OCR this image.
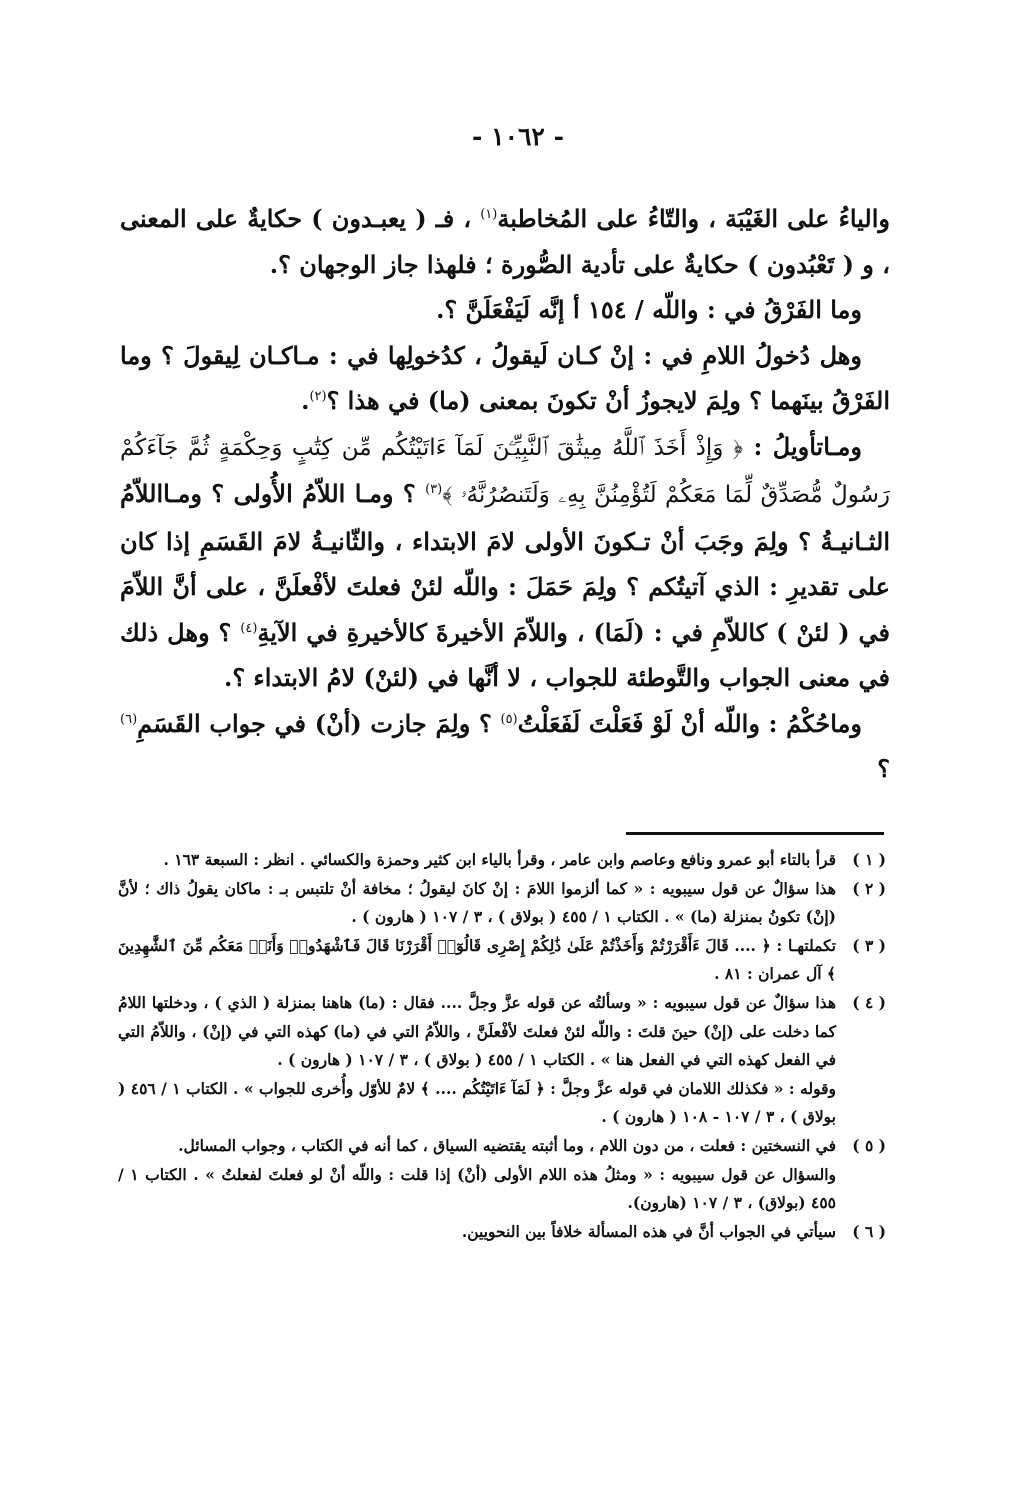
- ١٠٦٢ -

والياءُ على الغَيْبَة ، والتّاءُ على المُخاطبة$^{(١)}$ ، فـ ( يعبـدون ) حكايةٌ على المعنى ، و ( تَعْبُدون ) حكايةٌ على تأدية الصُّورة ؛ فلهذا جاز الوجهان ؟.

وما الفَرْقُ في : واللّه / ١٥٤ أ إنَّه لَيَفْعَلَنَّ ؟.

وهل دُخولُ اللامِ في : إنْ كـان لَيقولُ ، كدُخولِها في : مـاكـان لِيقولَ ؟ وما الفَرْقُ بينَهما ؟ ولِمَ لايجوزُ أنْ تكونَ بمعنى (ما) في هذا ؟$^{(٢)}$.

ومـاتأويلُ : ﴿ وَإِذْ أَخَذَ ٱللَّهُ مِيثَٰقَ ٱلنَّبِيِّـۧنَ لَمَآ ءَاتَيْتُكُم مِّن كِتَٰبٍ وَحِكْمَةٍ ثُمَّ جَآءَكُمْ رَسُولٌ مُّصَدِّقٌ لِّمَا مَعَكُمْ لَتُؤْمِنُنَّ بِهِۦ وَلَتَنصُرُنَّهُۥ ﴾$^{(٣)}$ ؟ ومـا اللاّمُ الأُولى ؟ ومـااللاّمُ الثـانيـةُ ؟ ولِمَ وجَبَ أنْ تـكونَ الأولى لامَ الابتداء ، والثّانيـةُ لامَ القَسَمِ إذا كان على تقديرِ : الذي آتيتُكم ؟ ولِمَ حَمَلَ : واللّه لئنْ فعلتَ لأفْعلَنَّ ، على أنَّ اللاّمَ في ( لئنْ ) كاللاّمِ في : (لَمَا) ، واللاّمَ الأخيرةَ كالأخيرةِ في الآيةِ$^{(٤)}$ ؟ وهل ذلك في معنى الجواب والتَّوطئة للجواب ، لا أنَّها في (لئنْ) لامُ الابتداء ؟.

وماحُكْمُ : واللّه أنْ لَوْ فَعَلْتَ لَفَعَلْتُ$^{(٥)}$ ؟ ولِمَ جازت (أنْ) في جواب القَسَمِ$^{(٦)}$ ؟

( ١ )
قرأ بالتاء أبو عمرو ونافع وعاصم وابن عامر ، وقرأ بالياء ابن كثير وحمزة والكسائي . انظر : السبعة ١٦٣ .
( ٢ )
هذا سؤالٌ عن قول سيبويه : « كما ألزموا اللامَ : إنْ كانَ ليقولُ ؛ مخافة أنْ تلتبس بـ : ماكان يقولُ ذاك ؛ لأنَّ (إنْ) تكونُ بمنزلة (ما) » . الكتاب ١ / ٤٥٥ ( بولاق ) ، ٣ / ١٠٧ ( هارون ) .
( ٣ )
تكملتهـا : ﴿ .... قَالَ ءَأَقْرَرْتُمْ وَأَخَذْتُمْ عَلَىٰ ذَٰلِكُمْ إِصْرِى قَالُوٓا۟ أَقْرَرْنَا قَالَ فَٱشْهَدُوا۟ وَأَنَا۠ مَعَكُم مِّنَ ٱلشَّٰهِدِينَ ﴾ آل عمران : ٨١ .
( ٤ )
هذا سؤالٌ عن قول سيبويه : « وسألتُه عن قوله عزَّ وجلَّ .... فقال : (ما) هاهنا بمنزلة ( الذي ) ، ودخلتها اللامُ كما دخلت على (إنْ) حينَ قلتَ : واللّه لئنْ فعلتَ لأفْعلَنَّ ، واللاّمُ التي في (ما) كهذه التي في (إنْ) ، واللاّمُ التي في الفعل كهذه التي في الفعل هنا » . الكتاب ١ / ٤٥٥ ( بولاق ) ، ٣ / ١٠٧ ( هارون ) .
وقوله : « فكذلك اللامان في قوله عزَّ وجلَّ : ﴿ لَمَآ ءَاتَيْتُكُم .... ﴾ لامٌ للأوّل وأُخرى للجواب » . الكتاب ١ / ٤٥٦ ( بولاق ) ، ٣ / ١٠٧ - ١٠٨ ( هارون ) .
( ٥ )
في النسختين : فعلت ، من دون اللام ، وما أثبته يقتضيه السياق ، كما أنه في الكتاب ، وجواب المسائل.
والسؤال عن قول سيبويه : « ومثلُ هذه اللام الأولى (أنْ) إذا قلت : واللّه أنْ لو فعلتَ لفعلتُ » . الكتاب ١ / ٤٥٥ (بولاق) ، ٣ / ١٠٧ (هارون).
( ٦ )
سيأتي في الجواب أنَّ في هذه المسألة خلافاً بين النحويين.
